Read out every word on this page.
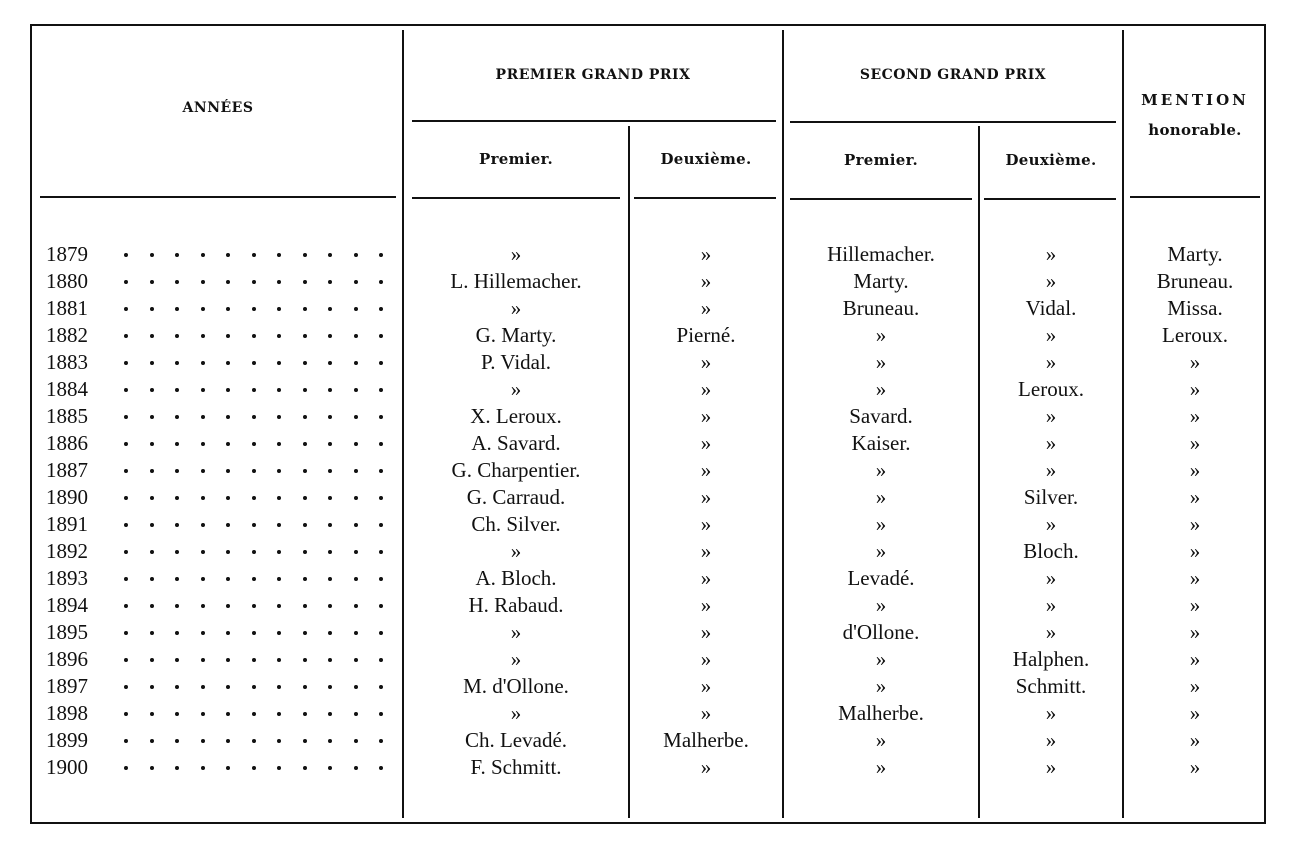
ANNÉES
PREMIER GRAND PRIX	SECOND GRAND PRIX
MENTION
honorable.
Premier.	Deuxième.	Premier.	Deuxième.
1879	»	»	Hillemacher.	»	Marty.
1880	L. Hillemacher.	»	Marty.	»	Bruneau.
1881	»	»	Bruneau.	Vidal.	Missa.
1882	G. Marty.	Pierné.	»	»	Leroux.
1883	P. Vidal.	»	»	»	»
1884	»	»	»	Leroux.	»
1885	X. Leroux.	»	Savard.	»	»
1886	A. Savard.	»	Kaiser.	»	»
1887	G. Charpentier.	»	»	»	»
1890	G. Carraud.	»	»	Silver.	»
1891	Ch. Silver.	»	»	»	»
1892	»	»	»	Bloch.	»
1893	A. Bloch.	»	Levadé.	»	»
1894	H. Rabaud.	»	»	»	»
1895	»	»	d'Ollone.	»	»
1896	»	»	»	Halphen.	»
1897	M. d'Ollone.	»	»	Schmitt.	»
1898	»	»	Malherbe.	»	»
1899	Ch. Levadé.	Malherbe.	»	»	»
1900	F. Schmitt.	»	»	»	»
